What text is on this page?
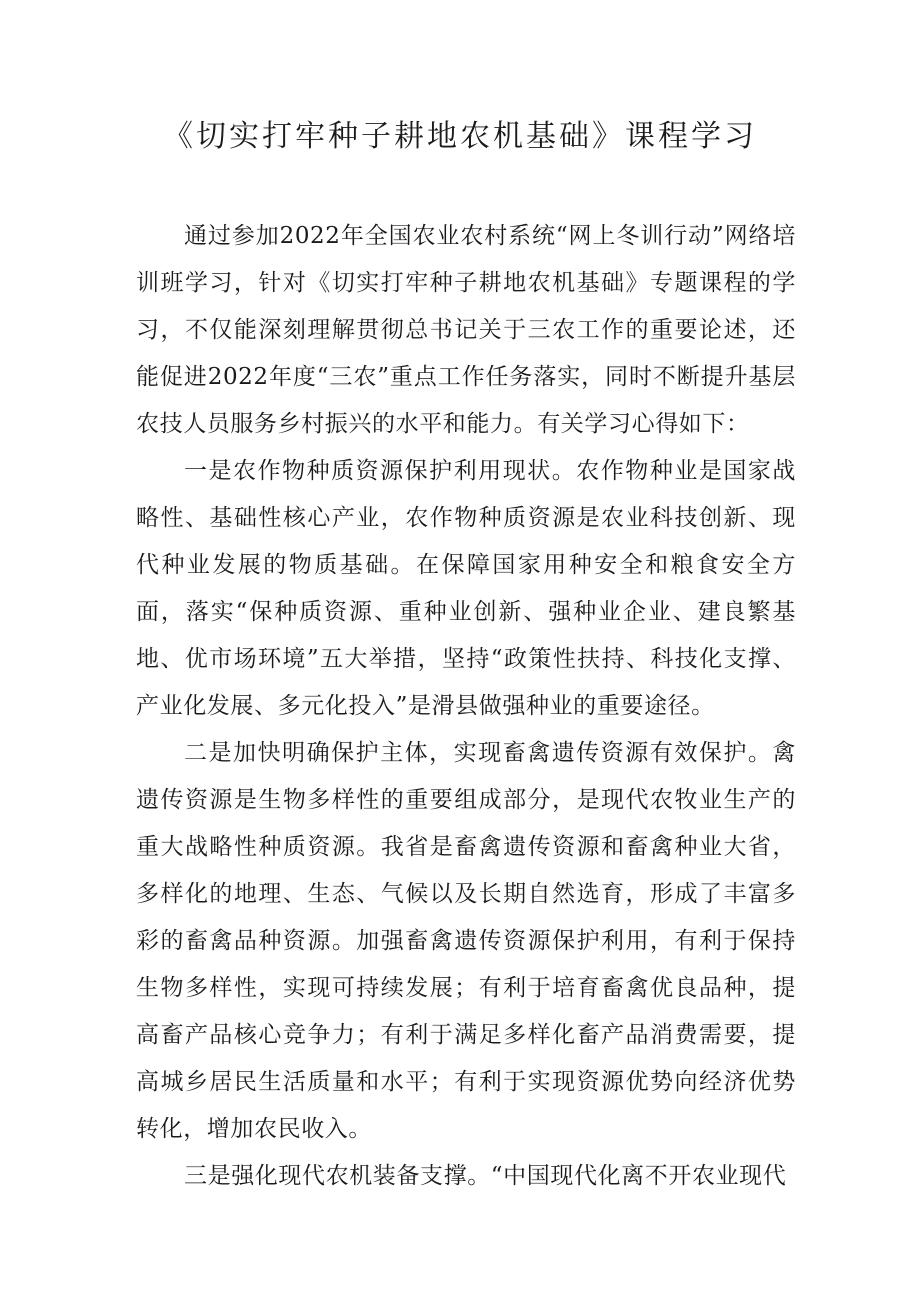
《切实打牢种子耕地农机基础》课程学习

通过参加2022年全国农业农村系统“网上冬训行动”网络培训班学习，针对《切实打牢种子耕地农机基础》专题课程的学习，不仅能深刻理解贯彻总书记关于三农工作的重要论述，还能促进2022年度“三农”重点工作任务落实，同时不断提升基层农技人员服务乡村振兴的水平和能力。有关学习心得如下：

一是农作物种质资源保护利用现状。农作物种业是国家战略性、基础性核心产业，农作物种质资源是农业科技创新、现代种业发展的物质基础。在保障国家用种安全和粮食安全方面，落实“保种质资源、重种业创新、强种业企业、建良繁基地、优市场环境”五大举措，坚持“政策性扶持、科技化支撑、产业化发展、多元化投入”是滑县做强种业的重要途径。

二是加快明确保护主体，实现畜禽遗传资源有效保护。禽遗传资源是生物多样性的重要组成部分，是现代农牧业生产的重大战略性种质资源。我省是畜禽遗传资源和畜禽种业大省，多样化的地理、生态、气候以及长期自然选育，形成了丰富多彩的畜禽品种资源。加强畜禽遗传资源保护利用，有利于保持生物多样性，实现可持续发展；有利于培育畜禽优良品种，提高畜产品核心竞争力；有利于满足多样化畜产品消费需要，提高城乡居民生活质量和水平；有利于实现资源优势向经济优势转化，增加农民收入。

三是强化现代农机装备支撑。“中国现代化离不开农业现代
